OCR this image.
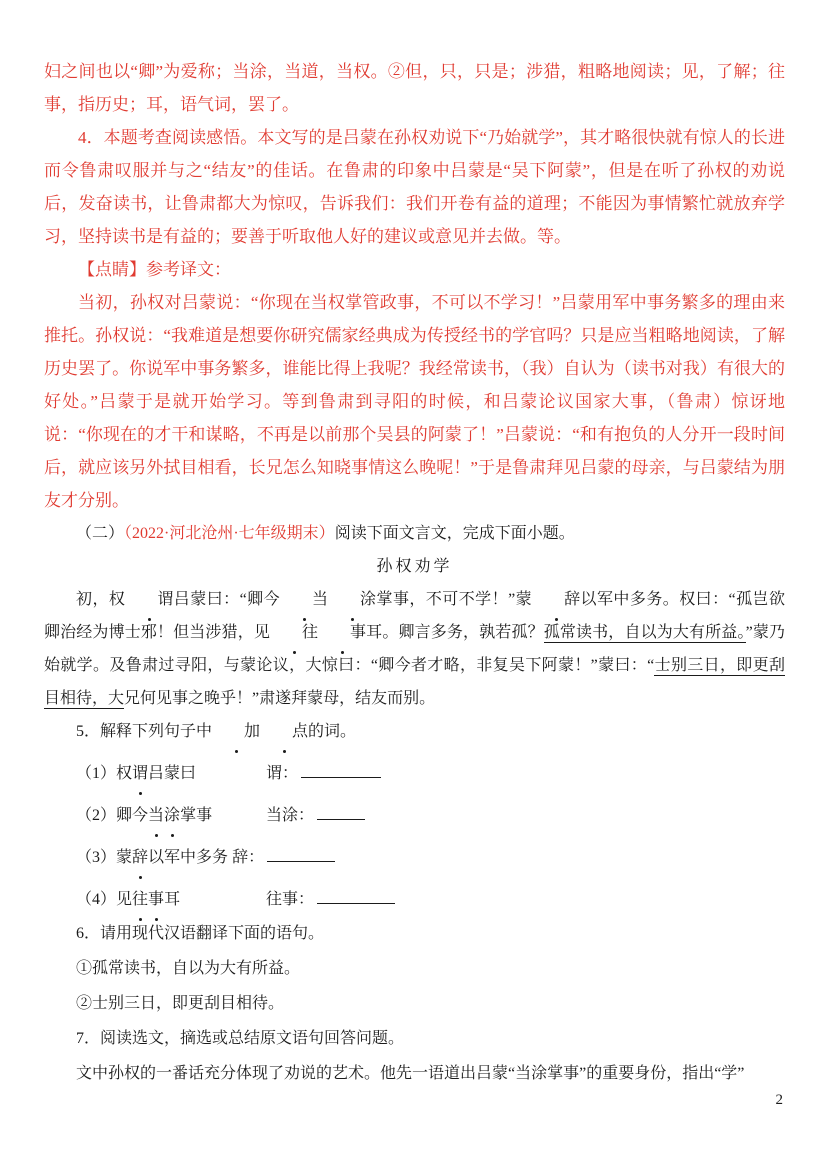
妇之间也以“卿”为爱称；当涂，当道，当权。②但，只，只是；涉猎，粗略地阅读；见，了解；往事，指历史；耳，语气词，罢了。

4．本题考查阅读感悟。本文写的是吕蒙在孙权劝说下“乃始就学”，其才略很快就有惊人的长进而令鲁肃叹服并与之“结友”的佳话。在鲁肃的印象中吕蒙是“吴下阿蒙”，但是在听了孙权的劝说后，发奋读书，让鲁肃都大为惊叹，告诉我们：我们开卷有益的道理；不能因为事情繁忙就放弃学习，坚持读书是有益的；要善于听取他人好的建议或意见并去做。等。

【点睛】参考译文：

当初，孙权对吕蒙说：“你现在当权掌管政事，不可以不学习！”吕蒙用军中事务繁多的理由来推托。孙权说：“我难道是想要你研究儒家经典成为传授经书的学官吗？只是应当粗略地阅读，了解历史罢了。你说军中事务繁多，谁能比得上我呢？我经常读书，（我）自认为（读书对我）有很大的好处。”吕蒙于是就开始学习。等到鲁肃到寻阳的时候，和吕蒙论议国家大事，（鲁肃）惊讶地说：“你现在的才干和谋略，不再是以前那个吴县的阿蒙了！”吕蒙说：“和有抱负的人分开一段时间后，就应该另外拭目相看，长兄怎么知晓事情这么晚呢！”于是鲁肃拜见吕蒙的母亲，与吕蒙结为朋友才分别。

（二）（2022·河北沧州·七年级期末）阅读下面文言文，完成下面小题。

孙权劝学

初，权 谓吕蒙曰：“卿今 当 涂掌事，不可不学！”蒙 辞以军中多务。权曰：“孤岂欲卿治经为博士邪！但当涉猎，见 往 事耳。卿言多务，孰若孤？孤常读书，自以为大有所益。”蒙乃始就学。及鲁肃过寻阳，与蒙论议，大惊曰：“卿今者才略，非复吴下阿蒙！”蒙曰：“士别三日，即更刮目相待，大兄何见事之晚乎！”肃遂拜蒙母，结友而别。

5．解释下列句子中 加 点的词。

（1）权谓吕蒙曰	谓：
（2）卿今当涂掌事	当涂：
（3）蒙辞以军中多务 辞：
（4）见往事耳	往事：

6．请用现代汉语翻译下面的语句。

①孤常读书，自以为大有所益。

②士别三日，即更刮目相待。

7．阅读选文，摘选或总结原文语句回答问题。

文中孙权的一番话充分体现了劝说的艺术。他先一语道出吕蒙“当涂掌事”的重要身份，指出“学”

2
